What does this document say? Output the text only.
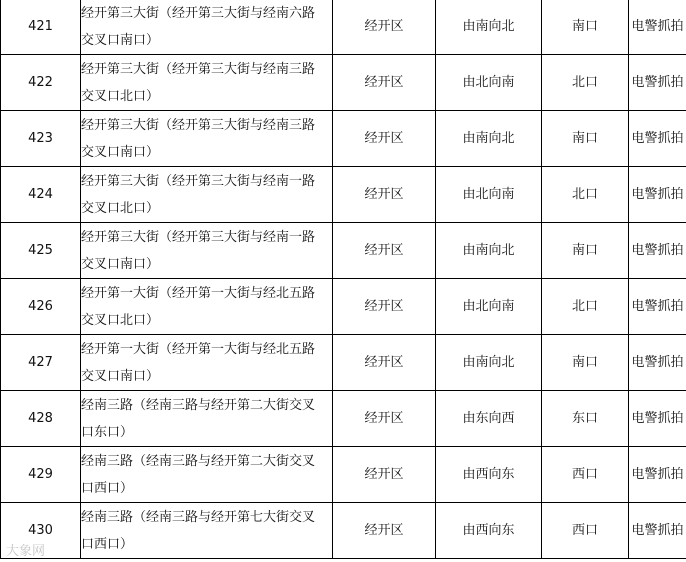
421	经开第三大街（经开第三大街与经南六路
交叉口南口）	经开区	由南向北	南口	电警抓拍
422	经开第三大街（经开第三大街与经南三路
交叉口北口）	经开区	由北向南	北口	电警抓拍
423	经开第三大街（经开第三大街与经南三路
交叉口南口）	经开区	由南向北	南口	电警抓拍
424	经开第三大街（经开第三大街与经南一路
交叉口北口）	经开区	由北向南	北口	电警抓拍
425	经开第三大街（经开第三大街与经南一路
交叉口南口）	经开区	由南向北	南口	电警抓拍
426	经开第一大街（经开第一大街与经北五路
交叉口北口）	经开区	由北向南	北口	电警抓拍
427	经开第一大街（经开第一大街与经北五路
交叉口南口）	经开区	由南向北	南口	电警抓拍
428	经南三路（经南三路与经开第二大街交叉
口东口）	经开区	由东向西	东口	电警抓拍
429	经南三路（经南三路与经开第二大街交叉
口西口）	经开区	由西向东	西口	电警抓拍
430	经南三路（经南三路与经开第七大街交叉
口西口）	经开区	由西向东	西口	电警抓拍
大象网
